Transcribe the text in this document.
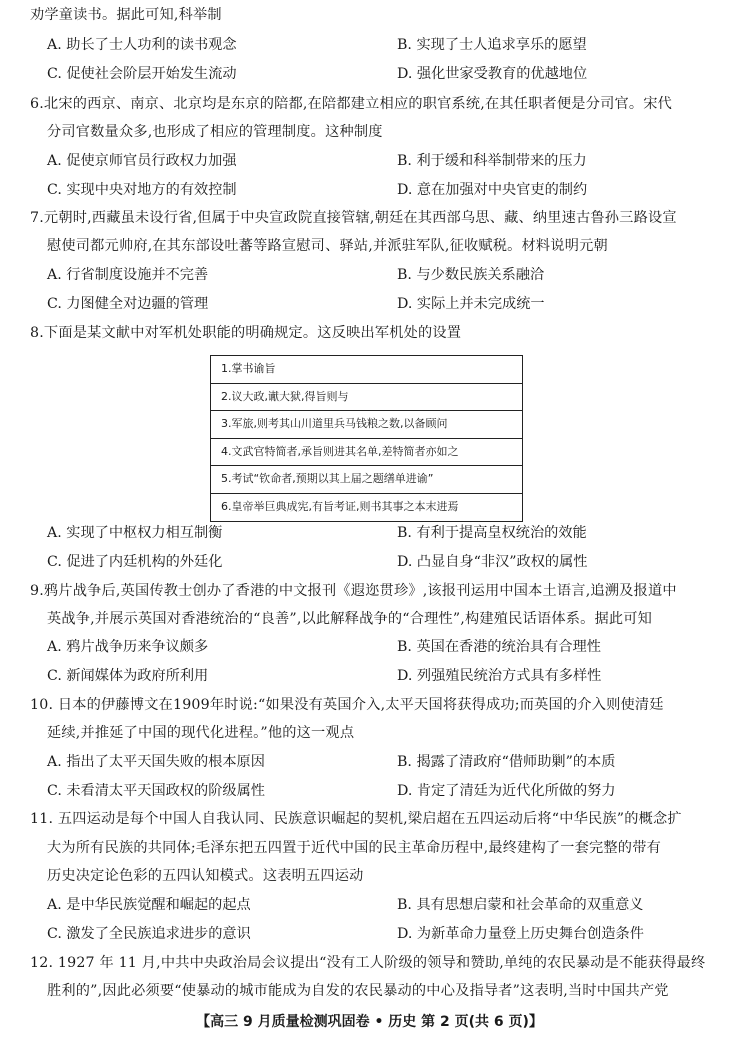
劝学童读书。据此可知,科举制
A. 助长了士人功利的读书观念	B. 实现了士人追求享乐的愿望
C. 促使社会阶层开始发生流动	D. 强化世家受教育的优越地位
6.北宋的西京、南京、北京均是东京的陪都,在陪都建立相应的职官系统,在其任职者便是分司官。宋代
分司官数量众多,也形成了相应的管理制度。这种制度
A. 促使京师官员行政权力加强	B. 利于缓和科举制带来的压力
C. 实现中央对地方的有效控制	D. 意在加强对中央官吏的制约
7.元朝时,西藏虽未设行省,但属于中央宣政院直接管辖,朝廷在其西部乌思、藏、纳里速古鲁孙三路设宣
慰使司都元帅府,在其东部设吐蕃等路宣慰司、驿站,并派驻军队,征收赋税。材料说明元朝
A. 行省制度设施并不完善	B. 与少数民族关系融洽
C. 力图健全对边疆的管理	D. 实际上并未完成统一
8.下面是某文献中对军机处职能的明确规定。这反映出军机处的设置
1.掌书谕旨
2.议大政,谳大狱,得旨则与
3.军旅,则考其山川道里兵马钱粮之数,以备顾问
4.文武官特简者,承旨则进其名单,差特简者亦如之
5.考试“钦命者,预期以其上届之题缮单进谕”
6.皇帝举巨典成宪,有旨考证,则书其事之本末进焉
A. 实现了中枢权力相互制衡	B. 有利于提高皇权统治的效能
C. 促进了内廷机构的外廷化	D. 凸显自身“非汉”政权的属性
9.鸦片战争后,英国传教士创办了香港的中文报刊《遐迩贯珍》,该报刊运用中国本土语言,追溯及报道中
英战争,并展示英国对香港统治的“良善”,以此解释战争的“合理性”,构建殖民话语体系。据此可知
A. 鸦片战争历来争议颇多	B. 英国在香港的统治具有合理性
C. 新闻媒体为政府所利用	D. 列强殖民统治方式具有多样性
10. 日本的伊藤博文在1909年时说:“如果没有英国介入,太平天国将获得成功;而英国的介入则使清廷
延续,并推延了中国的现代化进程。”他的这一观点
A. 指出了太平天国失败的根本原因	B. 揭露了清政府“借师助剿”的本质
C. 未看清太平天国政权的阶级属性	D. 肯定了清廷为近代化所做的努力
11. 五四运动是每个中国人自我认同、民族意识崛起的契机,梁启超在五四运动后将“中华民族”的概念扩
大为所有民族的共同体;毛泽东把五四置于近代中国的民主革命历程中,最终建构了一套完整的带有
历史决定论色彩的五四认知模式。这表明五四运动
A. 是中华民族觉醒和崛起的起点	B. 具有思想启蒙和社会革命的双重意义
C. 激发了全民族追求进步的意识	D. 为新革命力量登上历史舞台创造条件
12. 1927 年 11 月,中共中央政治局会议提出“没有工人阶级的领导和赞助,单纯的农民暴动是不能获得最终
胜利的”,因此必须要“使暴动的城市能成为自发的农民暴动的中心及指导者”这表明,当时中国共产党
【高三 9 月质量检测巩固卷 • 历史 第 2 页(共 6 页)】
